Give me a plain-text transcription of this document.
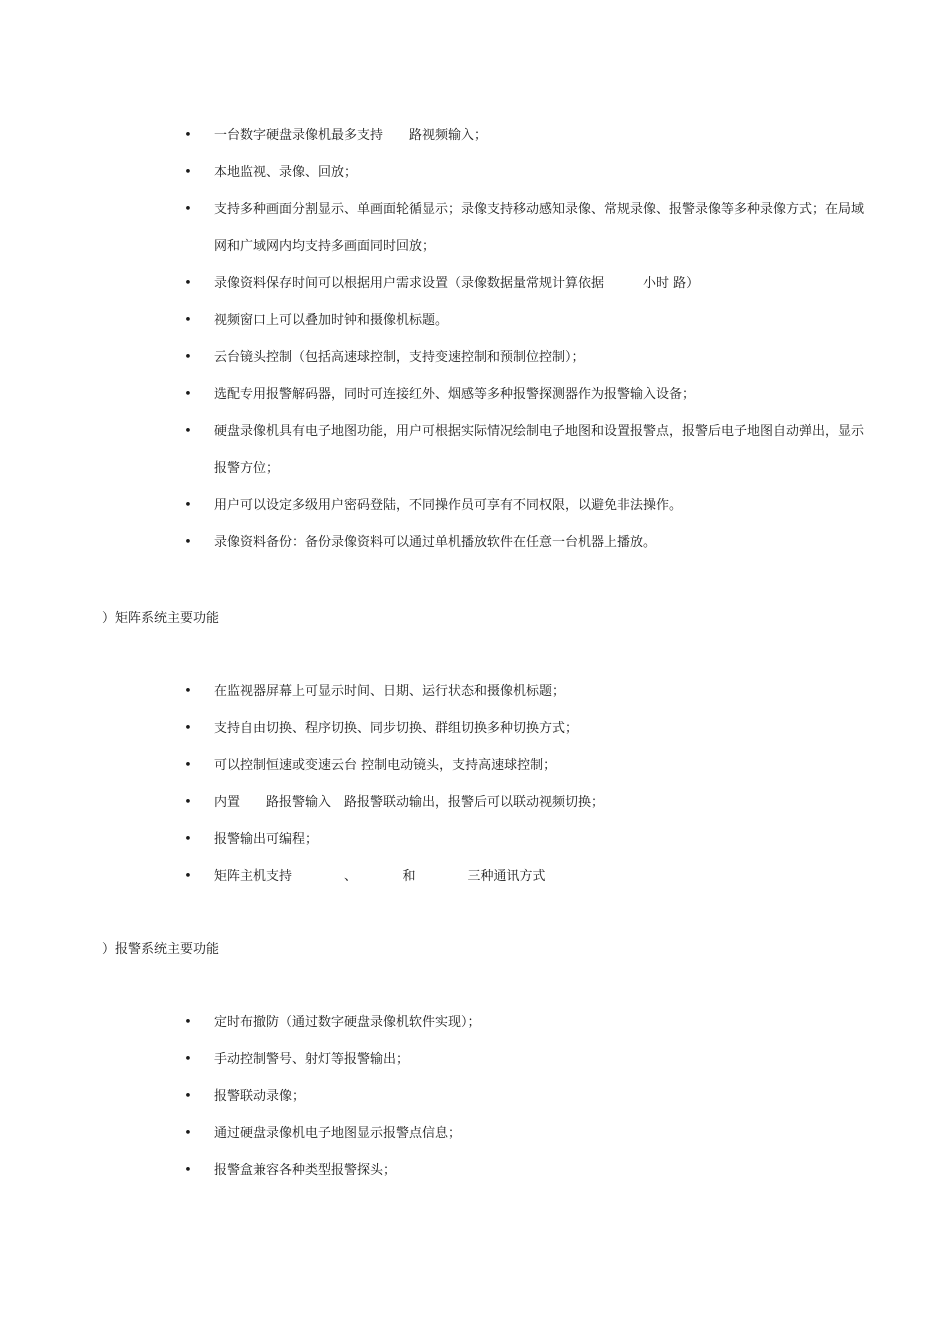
• 一台数字硬盘录像机最多支持　　路视频输入；
• 本地监视、录像、回放；
• 支持多种画面分割显示、单画面轮循显示；录像支持移动感知录像、常规录像、报警录像等多种录像方式；在局域网和广域网内均支持多画面同时回放；
• 录像资料保存时间可以根据用户需求设置（录像数据量常规计算依据　　　小时 路）
• 视频窗口上可以叠加时钟和摄像机标题。
• 云台镜头控制（包括高速球控制，支持变速控制和预制位控制）；
• 选配专用报警解码器，同时可连接红外、烟感等多种报警探测器作为报警输入设备；
• 硬盘录像机具有电子地图功能，用户可根据实际情况绘制电子地图和设置报警点，报警后电子地图自动弹出，显示报警方位；
• 用户可以设定多级用户密码登陆，不同操作员可享有不同权限，以避免非法操作。
• 录像资料备份：备份录像资料可以通过单机播放软件在任意一台机器上播放。
）矩阵系统主要功能
• 在监视器屏幕上可显示时间、日期、运行状态和摄像机标题；
• 支持自由切换、程序切换、同步切换、群组切换多种切换方式；
• 可以控制恒速或变速云台 控制电动镜头，支持高速球控制；
• 内置　　路报警输入　路报警联动输出，报警后可以联动视频切换；
• 报警输出可编程；
• 矩阵主机支持　　　　、　　　　和　　　　三种通讯方式
）报警系统主要功能
• 定时布撤防（通过数字硬盘录像机软件实现）；
• 手动控制警号、射灯等报警输出；
• 报警联动录像；
• 通过硬盘录像机电子地图显示报警点信息；
• 报警盒兼容各种类型报警探头；
